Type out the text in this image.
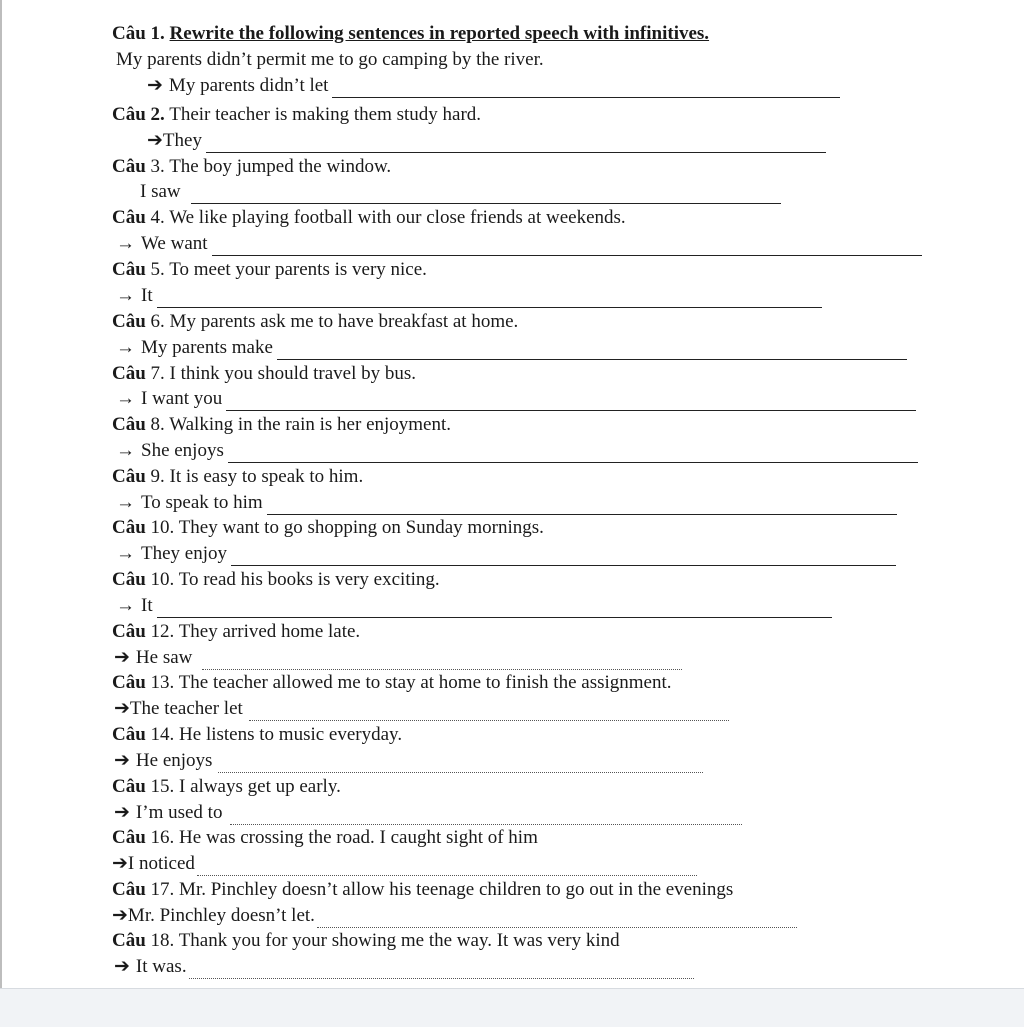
Câu 1. Rewrite the following sentences in reported speech with infinitives.
My parents didn’t permit me to go camping by the river.
➔ My parents didn’t let
Câu 2. Their teacher is making them study hard.
➔ They
Câu 3. The boy jumped the window.
I saw
Câu 4. We like playing football with our close friends at weekends.
→ We want
Câu 5. To meet your parents is very nice.
→ It
Câu 6. My parents ask me to have breakfast at home.
→ My parents make
Câu 7. I think you should travel by bus.
→ I want you
Câu 8. Walking in the rain is her enjoyment.
→ She enjoys
Câu 9. It is easy to speak to him.
→ To speak to him
Câu 10. They want to go shopping on Sunday mornings.
→ They enjoy
Câu 10. To read his books is very exciting.
→ It
Câu 12. They arrived home late.
➔ He saw
Câu 13. The teacher allowed me to stay at home to finish the assignment.
➔ The teacher let
Câu 14. He listens to music everyday.
➔ He enjoys
Câu 15. I always get up early.
➔ I’m used to
Câu 16. He was crossing the road. I caught sight of him
➔ I noticed
Câu 17. Mr. Pinchley doesn’t allow his teenage children to go out in the evenings
➔ Mr. Pinchley doesn’t let.
Câu 18. Thank you for your showing me the way. It was very kind
➔ It was.
